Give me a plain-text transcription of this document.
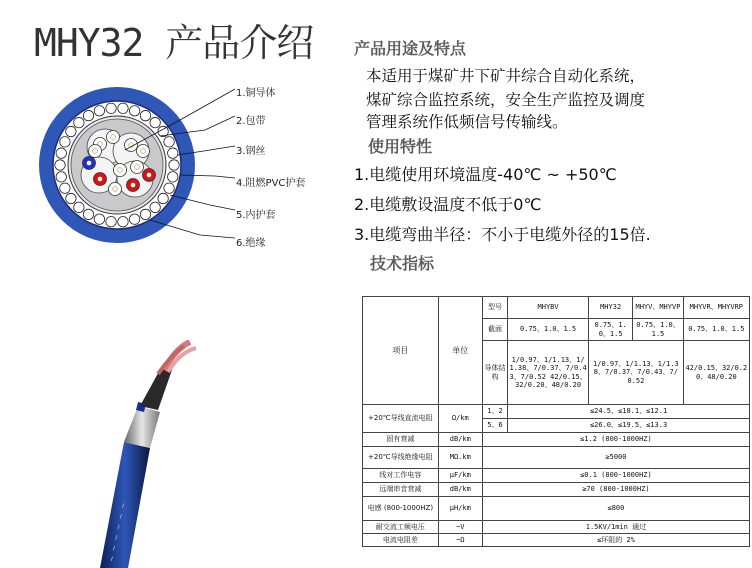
MHY32 产品介绍
1.铜导体
2.包带
3.钢丝
4.阻燃PVC护套
5.内护套
6.绝缘
~ ~ ~ ~ ~ ~
产品用途及特点
本适用于煤矿井下矿井综合自动化系统，
煤矿综合监控系统，安全生产监控及调度
管理系统作低频信号传输线。
使用特性
1.电缆使用环境温度-40℃ ~ +50℃
2.电缆敷设温度不低于0℃
3.电缆弯曲半径：不小于电缆外径的15倍.
技术指标
项目	单位	型号	MHYBV	MHY32	MHYV、MHYVP	MHYVR、MHYVRP
		截面	0.75、1.0、1.5	0.75、1.0、1.5	0.75、1.0、1.5	0.75、1.0、1.5
		导体结构	1/0.97、1/1.13、1/1.38、7/0.37、7/0.43、7/0.52 42/0.15、32/0.20、48/0.20	1/0.97、1/1.13、1/1.38、7/0.37、7/0.43、7/0.52		42/0.15、32/0.20、48/0.20
+20℃导线直流电阻	Ω/km	1、2	≤24.5、≤18.1、≤12.1			
		5、6	≤26.0、≤19.5、≤13.3			
固有衰减	dB/km	≤1.2 (800-1000HZ)				
+20℃导线绝缘电阻	MΩ.km	≥5000				
线对工作电容	μF/km	≤0.1 (800-1000HZ)				
远端串音衰减	dB/km	≥70 (800-1000HZ)				
电感 (800-1000HZ)	μH/km	≤800				
耐交流工频电压	~V	1.5KV/1min 通过				
电流电阻差	~Ω	≤环阻的 2%				
